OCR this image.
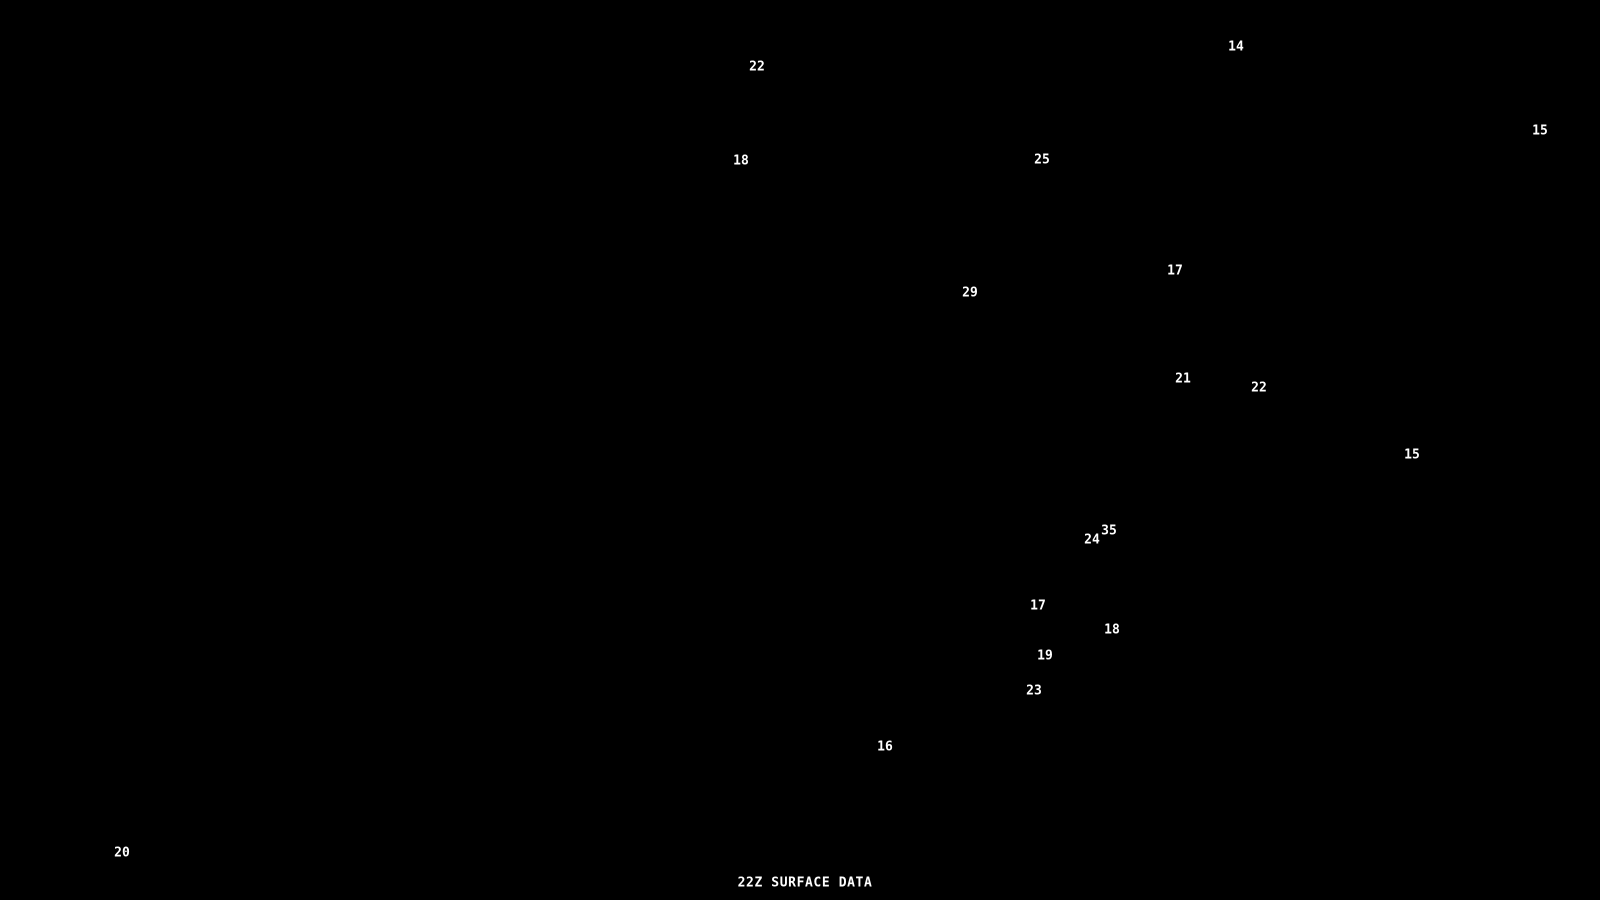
14
22
15
25
18
17
29
21
22
15
35
24
17
18
19
23
16
20
22Z SURFACE DATA
